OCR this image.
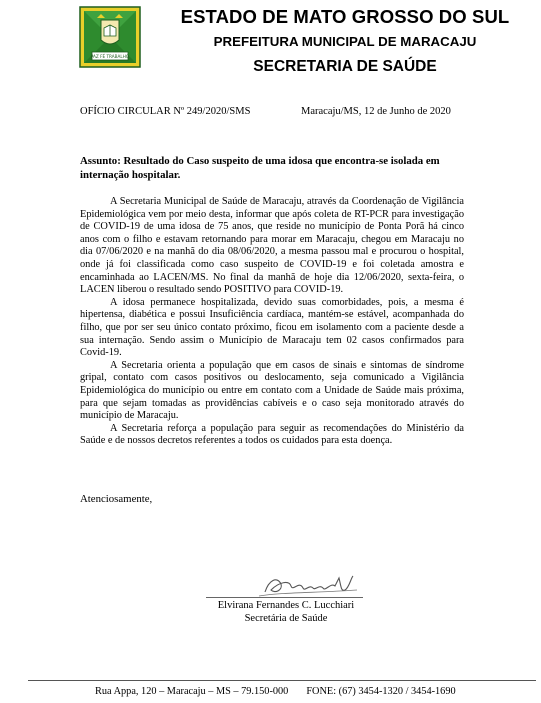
PAZ FÉ TRABALHO
ESTADO DE MATO GROSSO DO SUL
PREFEITURA MUNICIPAL DE MARACAJU
SECRETARIA DE SAÚDE
OFÍCIO CIRCULAR Nº 249/2020/SMS	Maracaju/MS, 12 de Junho de 2020
Assunto: Resultado do Caso suspeito de uma idosa que encontra-se isolada em internação hospitalar.

A Secretaria Municipal de Saúde de Maracaju, através da Coordenação de Vigilância Epidemiológica vem por meio desta, informar que após coleta de RT-PCR para investigação de COVID-19 de uma idosa de 75 anos, que reside no município de Ponta Porã há cinco anos com o filho e estavam retornando para morar em Maracaju, chegou em Maracaju no dia 07/06/2020 e na manhã do dia 08/06/2020, a mesma passou mal e procurou o hospital, onde já foi classificada como caso suspeito de COVID-19 e foi coletada amostra e encaminhada ao LACEN/MS. No final da manhã de hoje dia 12/06/2020, sexta-feira, o LACEN liberou o resultado sendo POSITIVO para COVID-19.

A idosa permanece hospitalizada, devido suas comorbidades, pois, a mesma é hipertensa, diabética e possui Insuficiência cardíaca, mantém-se estável, acompanhada do filho, que por ser seu único contato próximo, ficou em isolamento com a paciente desde a sua internação. Sendo assim o Município de Maracaju tem 02 casos confirmados para Covid-19.

A Secretaria orienta a população que em casos de sinais e sintomas de síndrome gripal, contato com casos positivos ou deslocamento, seja comunicado a Vigilância Epidemiológica do município ou entre em contato com a Unidade de Saúde mais próxima, para que sejam tomadas as providências cabíveis e o caso seja monitorado através do município de Maracaju.

A Secretaria reforça a população para seguir as recomendações do Ministério da Saúde e de nossos decretos referentes a todos os cuidados para esta doença.

Atenciosamente,
Elvirana Fernandes C. Lucchiari
Secretária de Saúde
Rua Appa, 120 – Maracaju – MS – 79.150-000 FONE: (67) 3454-1320 / 3454-1690
